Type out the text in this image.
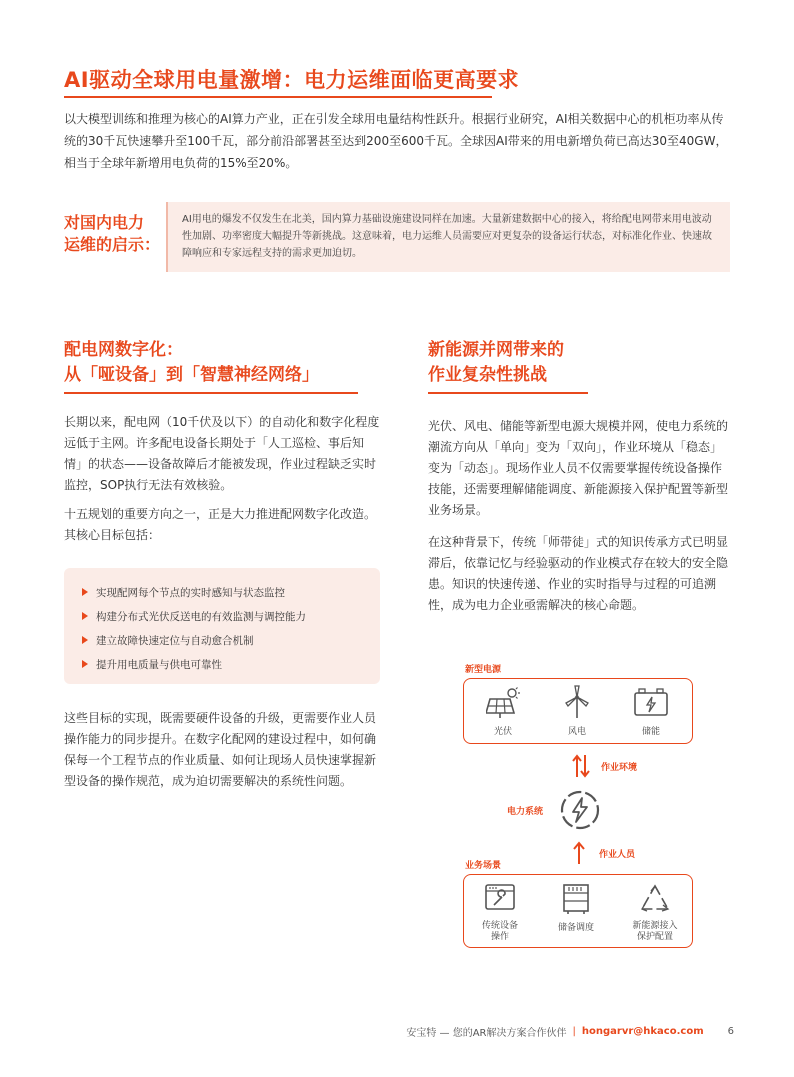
AI驱动全球用电量激增：电力运维面临更高要求

以大模型训练和推理为核心的AI算力产业，正在引发全球用电量结构性跃升。根据行业研究，AI相关数据中心的机柜功率从传统的30千瓦快速攀升至100千瓦，部分前沿部署甚至达到200至600千瓦。全球因AI带来的用电新增负荷已高达30至40GW，相当于全球年新增用电负荷的15%至20%。

对国内电力
运维的启示：
AI用电的爆发不仅发生在北美，国内算力基础设施建设同样在加速。大量新建数据中心的接入，将给配电网带来用电波动性加剧、功率密度大幅提升等新挑战。这意味着，电力运维人员需要应对更复杂的设备运行状态，对标准化作业、快速故障响应和专家远程支持的需求更加迫切。
配电网数字化：
从「哑设备」到「智慧神经网络」

长期以来，配电网（10千伏及以下）的自动化和数字化程度远低于主网。许多配电设备长期处于「人工巡检、事后知情」的状态——设备故障后才能被发现，作业过程缺乏实时监控，SOP执行无法有效核验。

十五规划的重要方向之一，正是大力推进配网数字化改造。其核心目标包括：

实现配网每个节点的实时感知与状态监控
构建分布式光伏反送电的有效监测与调控能力
建立故障快速定位与自动愈合机制
提升用电质量与供电可靠性

这些目标的实现，既需要硬件设备的升级，更需要作业人员操作能力的同步提升。在数字化配网的建设过程中，如何确保每一个工程节点的作业质量、如何让现场人员快速掌握新型设备的操作规范，成为迫切需要解决的系统性问题。

新能源并网带来的
作业复杂性挑战

光伏、风电、储能等新型电源大规模并网，使电力系统的潮流方向从「单向」变为「双向」，作业环境从「稳态」变为「动态」。现场作业人员不仅需要掌握传统设备操作技能，还需要理解储能调度、新能源接入保护配置等新型业务场景。

在这种背景下，传统「师带徒」式的知识传承方式已明显滞后，依靠记忆与经验驱动的作业模式存在较大的安全隐患。知识的快速传递、作业的实时指导与过程的可追溯性，成为电力企业亟需解决的核心命题。

新型电源
光伏	风电	储能
作业环境
电力系统
作业人员
业务场景
传统设备
操作
储备调度	新能源接入
保护配置
安宝特 — 您的AR解决方案合作伙伴 | hongarvr@hkaco.com 6
